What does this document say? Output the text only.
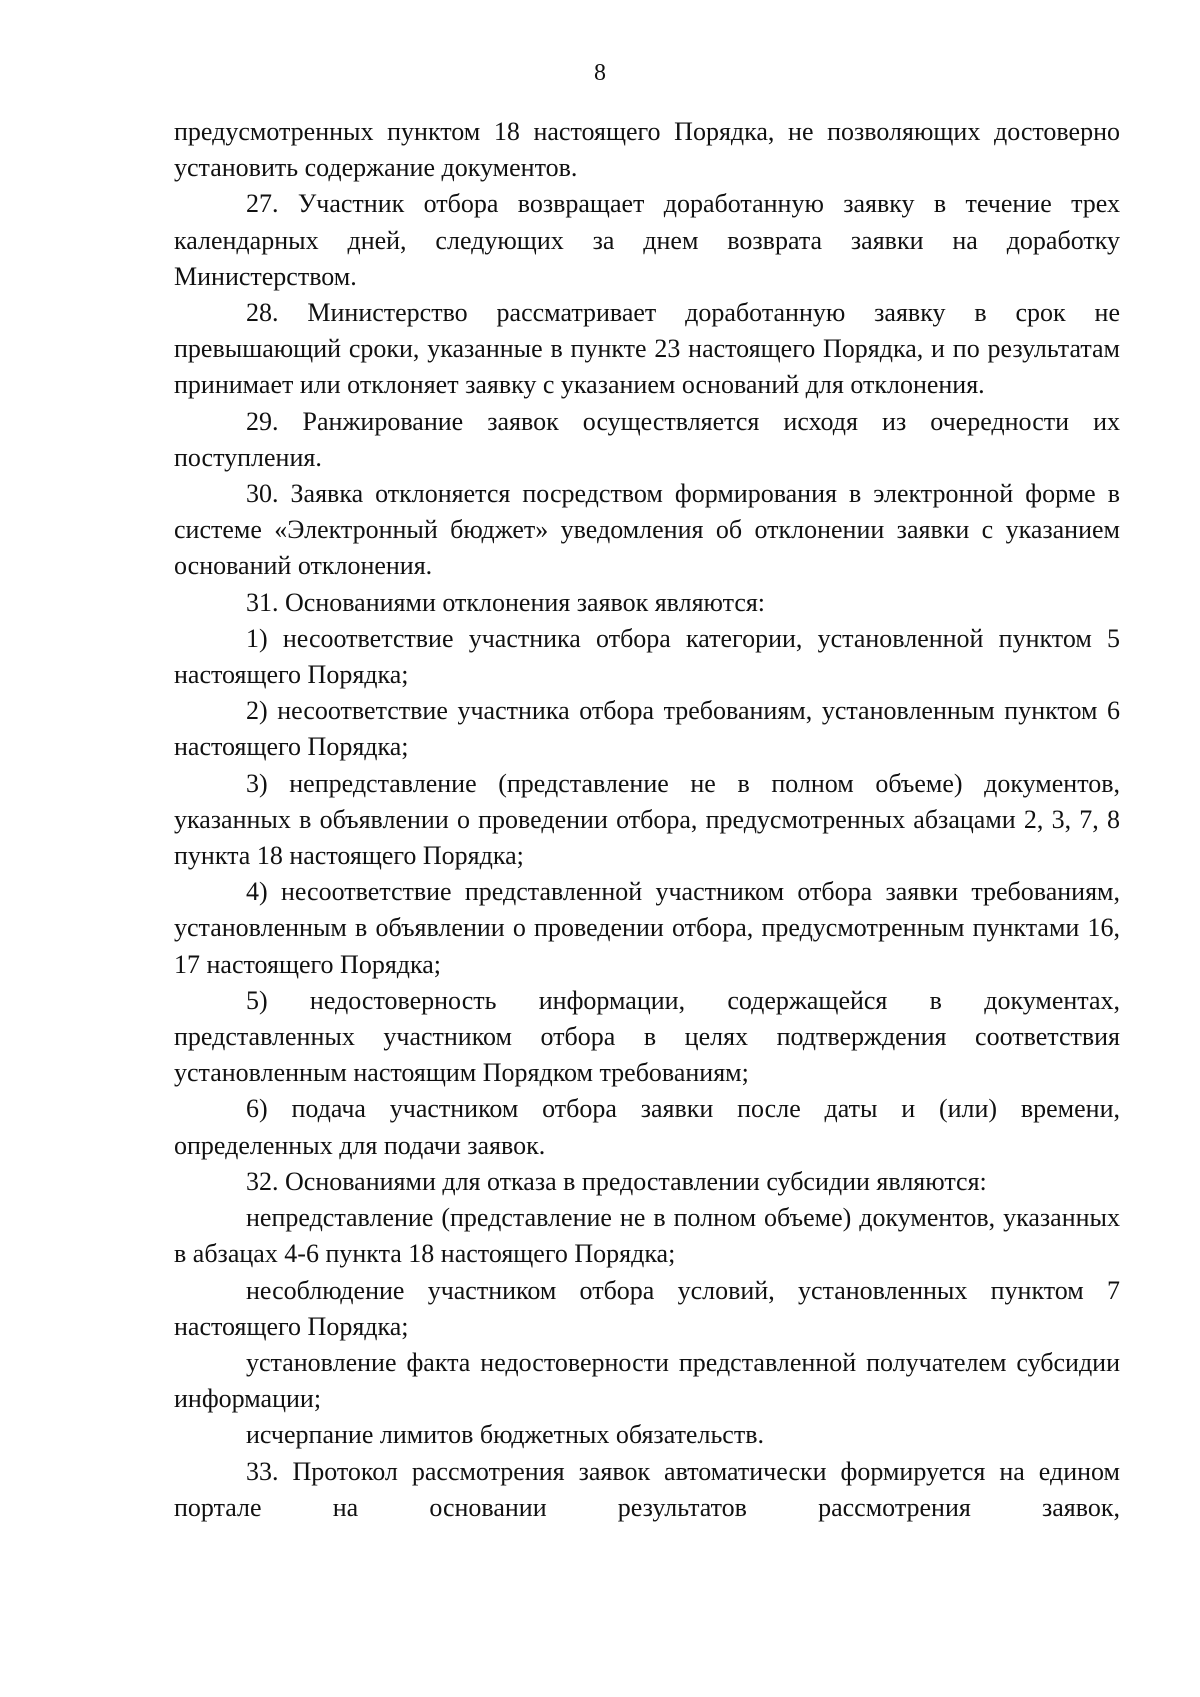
8

предусмотренных пунктом 18 настоящего Порядка, не позволяющих достоверно установить содержание документов.

27. Участник отбора возвращает доработанную заявку в течение трех календарных дней, следующих за днем возврата заявки на доработку Министерством.

28. Министерство рассматривает доработанную заявку в срок не превышающий сроки, указанные в пункте 23 настоящего Порядка, и по результатам принимает или отклоняет заявку с указанием оснований для отклонения.

29. Ранжирование заявок осуществляется исходя из очередности их поступления.

30. Заявка отклоняется посредством формирования в электронной форме в системе «Электронный бюджет» уведомления об отклонении заявки с указанием оснований отклонения.

31. Основаниями отклонения заявок являются:

1) несоответствие участника отбора категории, установленной пунктом 5 настоящего Порядка;

2) несоответствие участника отбора требованиям, установленным пунктом 6 настоящего Порядка;

3) непредставление (представление не в полном объеме) документов, указанных в объявлении о проведении отбора, предусмотренных абзацами 2, 3, 7, 8 пункта 18 настоящего Порядка;

4) несоответствие представленной участником отбора заявки требованиям, установленным в объявлении о проведении отбора, предусмотренным пунктами 16, 17 настоящего Порядка;

5) недостоверность информации, содержащейся в документах, представленных участником отбора в целях подтверждения соответствия установленным настоящим Порядком требованиям;

6) подача участником отбора заявки после даты и (или) времени, определенных для подачи заявок.

32. Основаниями для отказа в предоставлении субсидии являются:

непредставление (представление не в полном объеме) документов, указанных в абзацах 4-6 пункта 18 настоящего Порядка;

несоблюдение участником отбора условий, установленных пунктом 7 настоящего Порядка;

установление факта недостоверности представленной получателем субсидии информации;

исчерпание лимитов бюджетных обязательств.

33. Протокол рассмотрения заявок автоматически формируется на едином портале на основании результатов рассмотрения заявок,
